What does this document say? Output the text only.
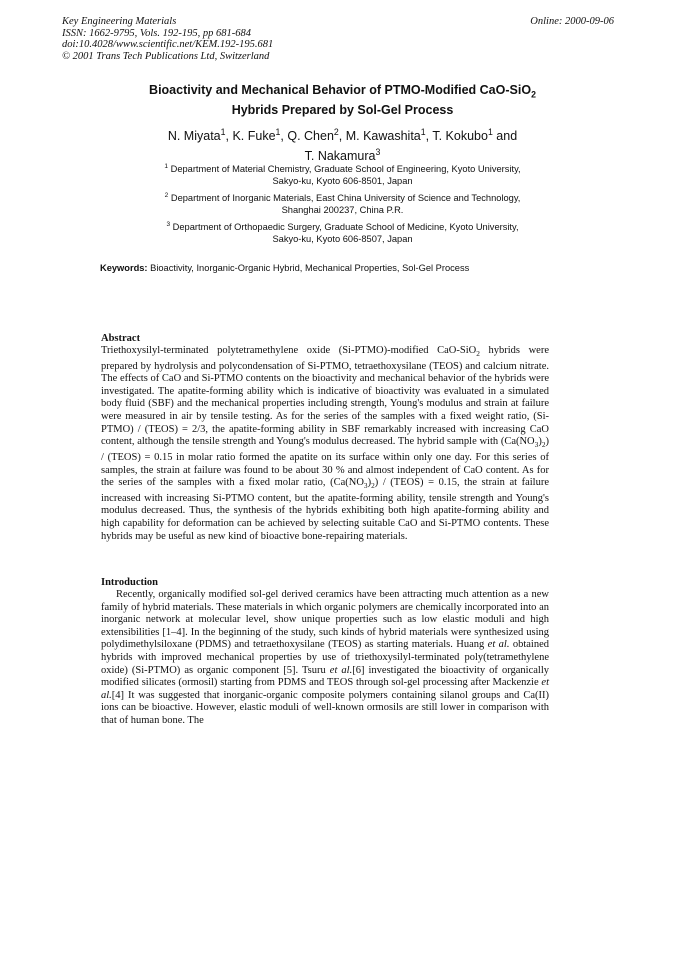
Key Engineering Materials
ISSN: 1662-9795, Vols. 192-195, pp 681-684
doi:10.4028/www.scientific.net/KEM.192-195.681
© 2001 Trans Tech Publications Ltd, Switzerland
Online: 2000-09-06
Bioactivity and Mechanical Behavior of PTMO-Modified CaO-SiO$_2$
Hybrids Prepared by Sol-Gel Process
N. Miyata$^1$, K. Fuke$^1$, Q. Chen$^2$, M. Kawashita$^1$, T. Kokubo$^1$ and
T. Nakamura$^3$
$^1$ Department of Material Chemistry, Graduate School of Engineering, Kyoto University,
Sakyo-ku, Kyoto 606-8501, Japan
$^2$ Department of Inorganic Materials, East China University of Science and Technology,
Shanghai 200237, China P.R.
$^3$ Department of Orthopaedic Surgery, Graduate School of Medicine, Kyoto University,
Sakyo-ku, Kyoto 606-8507, Japan
Keywords: Bioactivity, Inorganic-Organic Hybrid, Mechanical Properties, Sol-Gel Process
Abstract
Triethoxysilyl-terminated polytetramethylene oxide (Si-PTMO)-modified CaO-SiO$_2$ hybrids were prepared by hydrolysis and polycondensation of Si-PTMO, tetraethoxysilane (TEOS) and calcium nitrate. The effects of CaO and Si-PTMO contents on the bioactivity and mechanical behavior of the hybrids were investigated. The apatite-forming ability which is indicative of bioactivity was evaluated in a simulated body fluid (SBF) and the mechanical properties including strength, Young's modulus and strain at failure were measured in air by tensile testing. As for the series of the samples with a fixed weight ratio, (Si-PTMO) / (TEOS) = 2/3, the apatite-forming ability in SBF remarkably increased with increasing CaO content, although the tensile strength and Young's modulus decreased. The hybrid sample with $(Ca(NO_3)_2)$ / (TEOS) = 0.15 in molar ratio formed the apatite on its surface within only one day. For this series of samples, the strain at failure was found to be about 30 % and almost independent of CaO content. As for the series of the samples with a fixed molar ratio, $(Ca(NO_3)_2)$ / (TEOS) = 0.15, the strain at failure increased with increasing Si-PTMO content, but the apatite-forming ability, tensile strength and Young's modulus decreased. Thus, the synthesis of the hybrids exhibiting both high apatite-forming ability and high capability for deformation can be achieved by selecting suitable CaO and Si-PTMO contents. These hybrids may be useful as new kind of bioactive bone-repairing materials.
Introduction
Recently, organically modified sol-gel derived ceramics have been attracting much attention as a new family of hybrid materials. These materials in which organic polymers are chemically incorporated into an inorganic network at molecular level, show unique properties such as low elastic moduli and high extensibilities [1–4]. In the beginning of the study, such kinds of hybrid materials were synthesized using polydimethylsiloxane (PDMS) and tetraethoxysilane (TEOS) as starting materials. Huang et al. obtained hybrids with improved mechanical properties by use of triethoxysilyl-terminated poly(tetramethylene oxide) (Si-PTMO) as organic component [5]. Tsuru et al.[6] investigated the bioactivity of organically modified silicates (ormosil) starting from PDMS and TEOS through sol-gel processing after Mackenzie et al.[4] It was suggested that inorganic-organic composite polymers containing silanol groups and Ca(II) ions can be bioactive. However, elastic moduli of well-known ormosils are still lower in comparison with that of human bone. The
